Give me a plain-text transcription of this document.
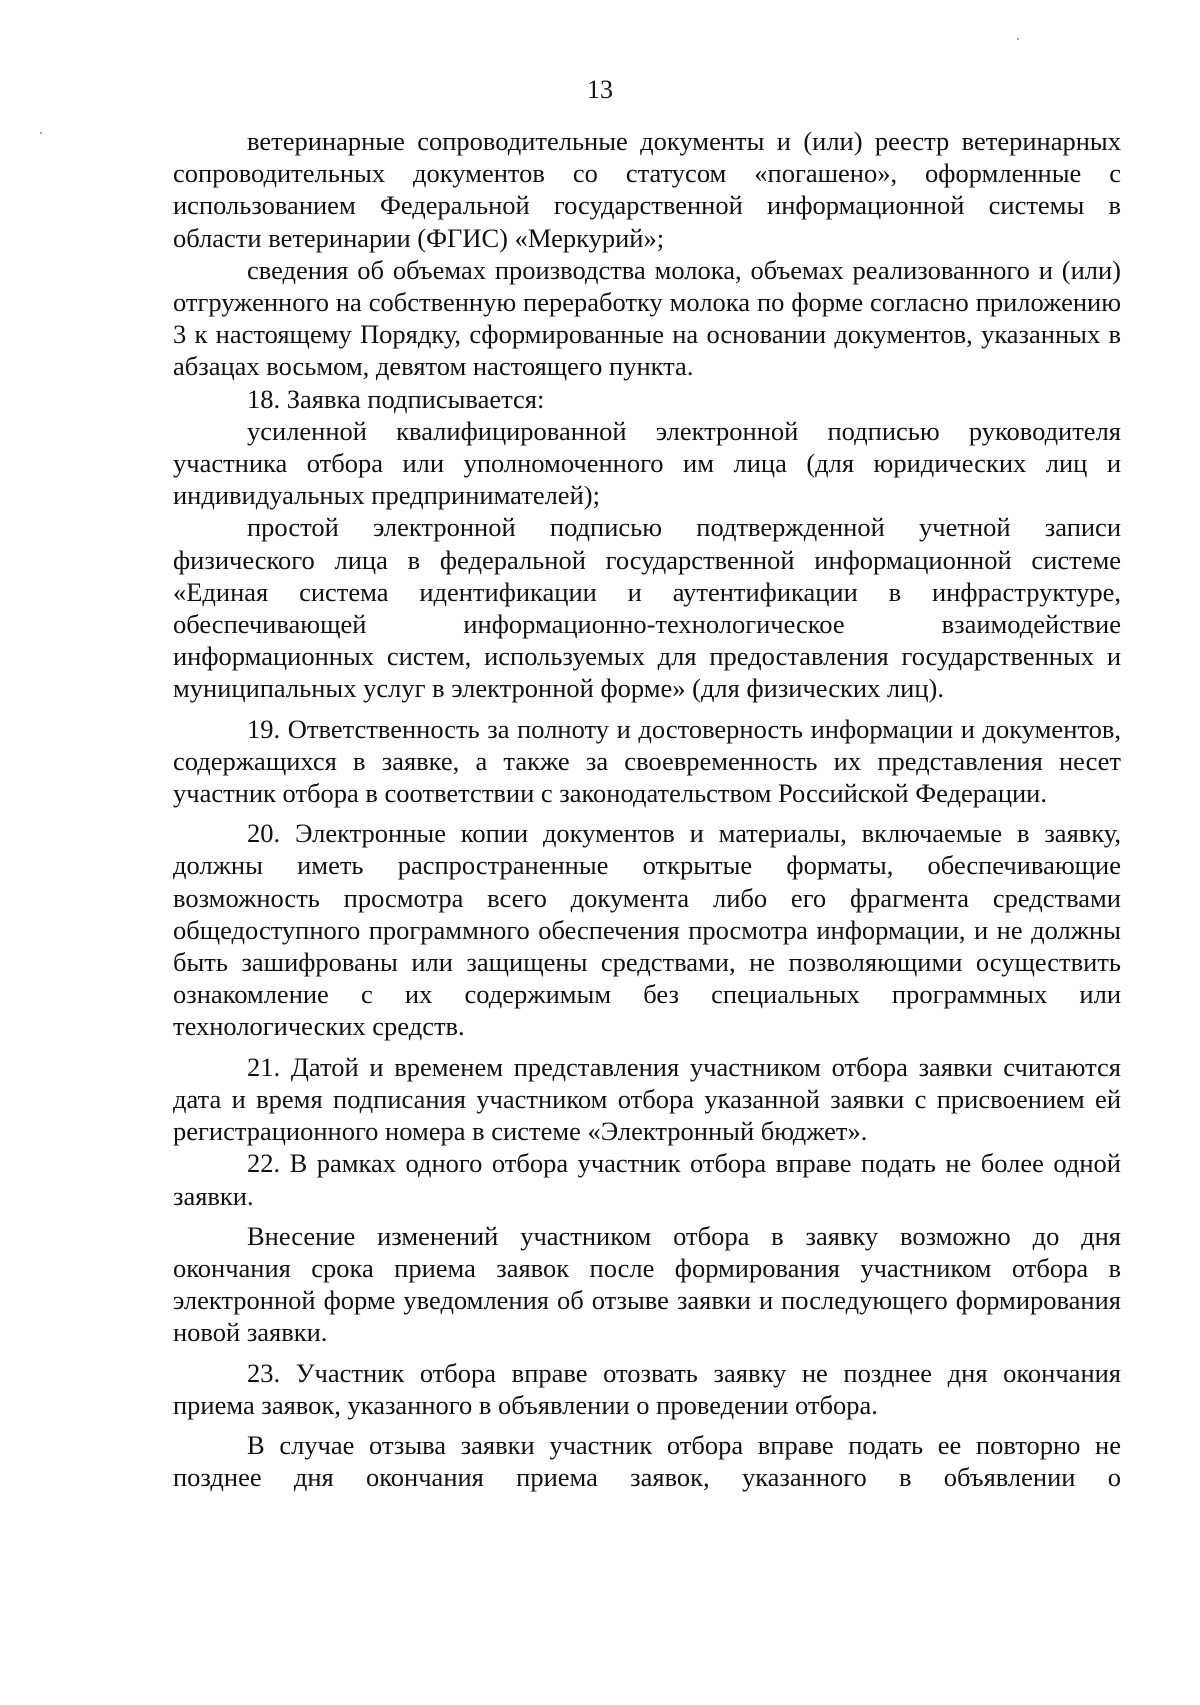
13

ветеринарные сопроводительные документы и (или) реестр ветеринарных сопроводительных документов со статусом «погашено», оформленные с использованием Федеральной государственной информационной системы в области ветеринарии (ФГИС) «Меркурий»;

сведения об объемах производства молока, объемах реализованного и (или) отгруженного на собственную переработку молока по форме согласно приложению 3 к настоящему Порядку, сформированные на основании документов, указанных в абзацах восьмом, девятом настоящего пункта.

18. Заявка подписывается:

усиленной квалифицированной электронной подписью руководителя участника отбора или уполномоченного им лица (для юридических лиц и индивидуальных предпринимателей);

простой электронной подписью подтвержденной учетной записи физического лица в федеральной государственной информационной системе «Единая система идентификации и аутентификации в инфраструктуре, обеспечивающей информационно-технологическое взаимодействие информационных систем, используемых для предоставления государственных и муниципальных услуг в электронной форме» (для физических лиц).

19. Ответственность за полноту и достоверность информации и документов, содержащихся в заявке, а также за своевременность их представления несет участник отбора в соответствии с законодательством Российской Федерации.

20. Электронные копии документов и материалы, включаемые в заявку, должны иметь распространенные открытые форматы, обеспечивающие возможность просмотра всего документа либо его фрагмента средствами общедоступного программного обеспечения просмотра информации, и не должны быть зашифрованы или защищены средствами, не позволяющими осуществить ознакомление с их содержимым без специальных программных или технологических средств.

21. Датой и временем представления участником отбора заявки считаются дата и время подписания участником отбора указанной заявки с присвоением ей регистрационного номера в системе «Электронный бюджет».

22. В рамках одного отбора участник отбора вправе подать не более одной заявки.

Внесение изменений участником отбора в заявку возможно до дня окончания срока приема заявок после формирования участником отбора в электронной форме уведомления об отзыве заявки и последующего формирования новой заявки.

23. Участник отбора вправе отозвать заявку не позднее дня окончания приема заявок, указанного в объявлении о проведении отбора.

В случае отзыва заявки участник отбора вправе подать ее повторно не позднее дня окончания приема заявок, указанного в объявлении о
